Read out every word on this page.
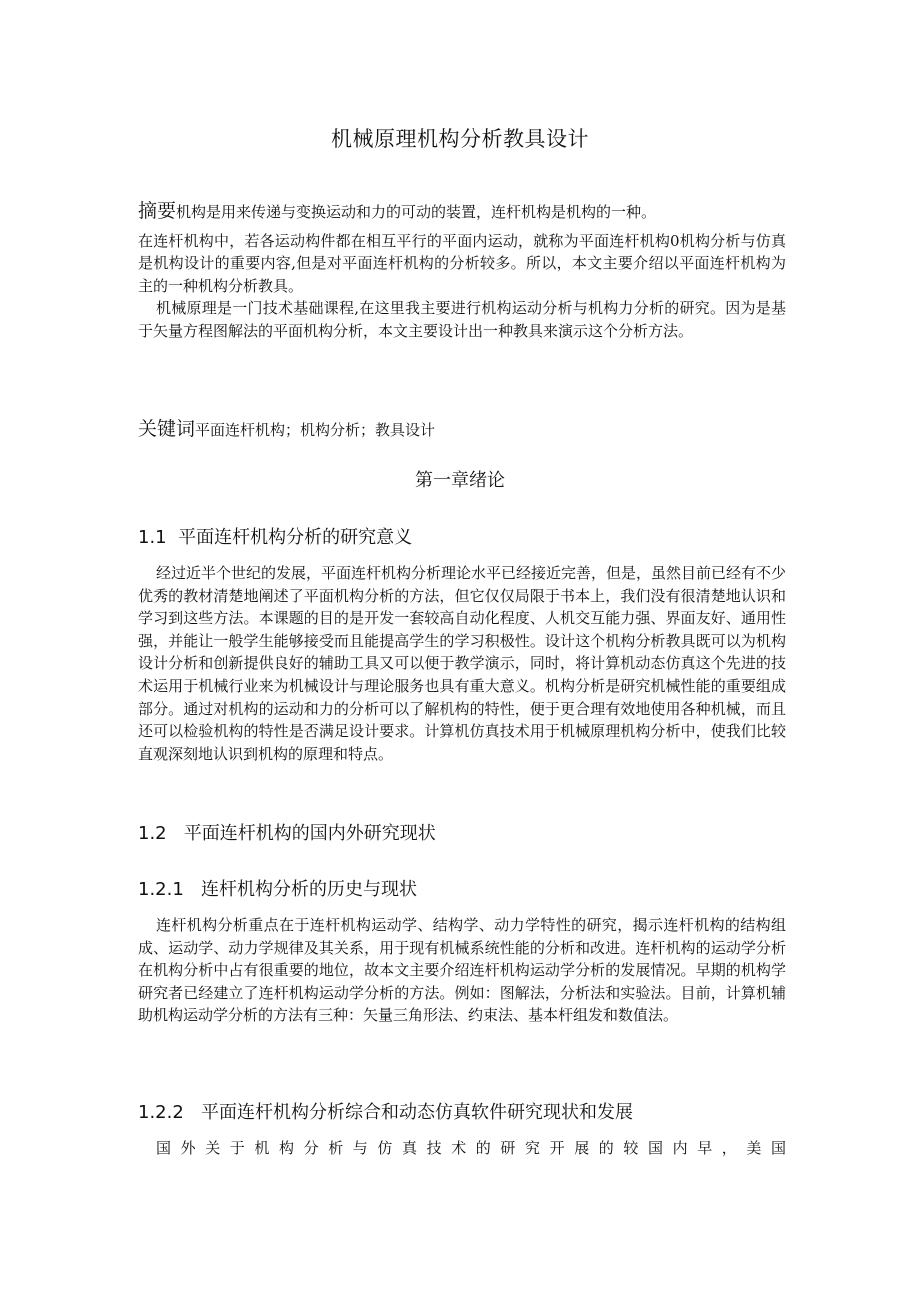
机械原理机构分析教具设计
摘要机构是用来传递与变换运动和力的可动的装置，连杆机构是机构的一种。

在连杆机构中，若各运动构件都在相互平行的平面内运动，就称为平面连杆机构0机构分析与仿真是机构设计的重要内容,但是对平面连杆机构的分析较多。所以，本文主要介绍以平面连杆机构为主的一种机构分析教具。

机械原理是一门技术基础课程,在这里我主要进行机构运动分析与机构力分析的研究。因为是基于矢量方程图解法的平面机构分析，本文主要设计出一种教具来演示这个分析方法。

关键词平面连杆机构；机构分析；教具设计
第一章绪论
1.1 平面连杆机构分析的研究意义

经过近半个世纪的发展，平面连杆机构分析理论水平已经接近完善，但是，虽然目前已经有不少优秀的教材清楚地阐述了平面机构分析的方法，但它仅仅局限于书本上，我们没有很清楚地认识和学习到这些方法。本课题的目的是开发一套较高自动化程度、人机交互能力强、界面友好、通用性强，并能让一般学生能够接受而且能提高学生的学习积极性。设计这个机构分析教具既可以为机构设计分析和创新提供良好的辅助工具又可以便于教学演示，同时，将计算机动态仿真这个先进的技术运用于机械行业来为机械设计与理论服务也具有重大意义。机构分析是研究机械性能的重要组成部分。通过对机构的运动和力的分析可以了解机构的特性，便于更合理有效地使用各种机械，而且还可以检验机构的特性是否满足设计要求。计算机仿真技术用于机械原理机构分析中，使我们比较直观深刻地认识到机构的原理和特点。

1.2 平面连杆机构的国内外研究现状
1.2.1 连杆机构分析的历史与现状

连杆机构分析重点在于连杆机构运动学、结构学、动力学特性的研究，揭示连杆机构的结构组成、运动学、动力学规律及其关系，用于现有机械系统性能的分析和改进。连杆机构的运动学分析在机构分析中占有很重要的地位，故本文主要介绍连杆机构运动学分析的发展情况。早期的机构学研究者已经建立了连杆机构运动学分析的方法。例如：图解法，分析法和实验法。目前，计算机辅助机构运动学分析的方法有三种：矢量三角形法、约束法、基本杆组发和数值法。

1.2.2 平面连杆机构分析综合和动态仿真软件研究现状和发展

国外关于机构分析与仿真技术的研究开展的较国内早，美国
